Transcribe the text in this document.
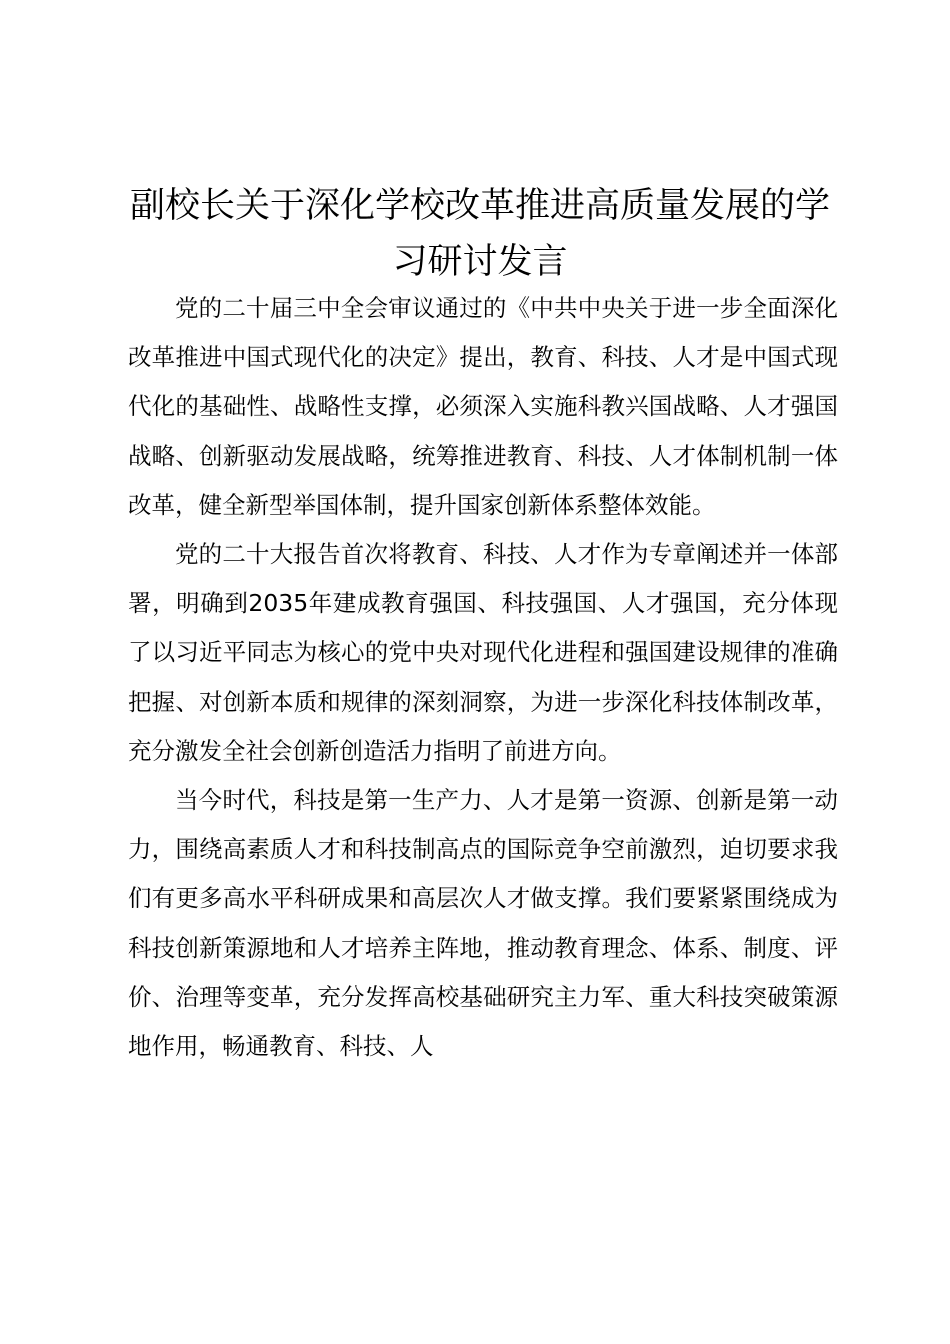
副校长关于深化学校改革推进高质量发展的学习研讨发言

党的二十届三中全会审议通过的《中共中央关于进一步全面深化改革推进中国式现代化的决定》提出，教育、科技、人才是中国式现代化的基础性、战略性支撑，必须深入实施科教兴国战略、人才强国战略、创新驱动发展战略，统筹推进教育、科技、人才体制机制一体改革，健全新型举国体制，提升国家创新体系整体效能。

党的二十大报告首次将教育、科技、人才作为专章阐述并一体部署，明确到2035年建成教育强国、科技强国、人才强国，充分体现了以习近平同志为核心的党中央对现代化进程和强国建设规律的准确把握、对创新本质和规律的深刻洞察，为进一步深化科技体制改革，充分激发全社会创新创造活力指明了前进方向。

当今时代，科技是第一生产力、人才是第一资源、创新是第一动力，围绕高素质人才和科技制高点的国际竞争空前激烈，迫切要求我们有更多高水平科研成果和高层次人才做支撑。我们要紧紧围绕成为科技创新策源地和人才培养主阵地，推动教育理念、体系、制度、评价、治理等变革，充分发挥高校基础研究主力军、重大科技突破策源地作用，畅通教育、科技、人
